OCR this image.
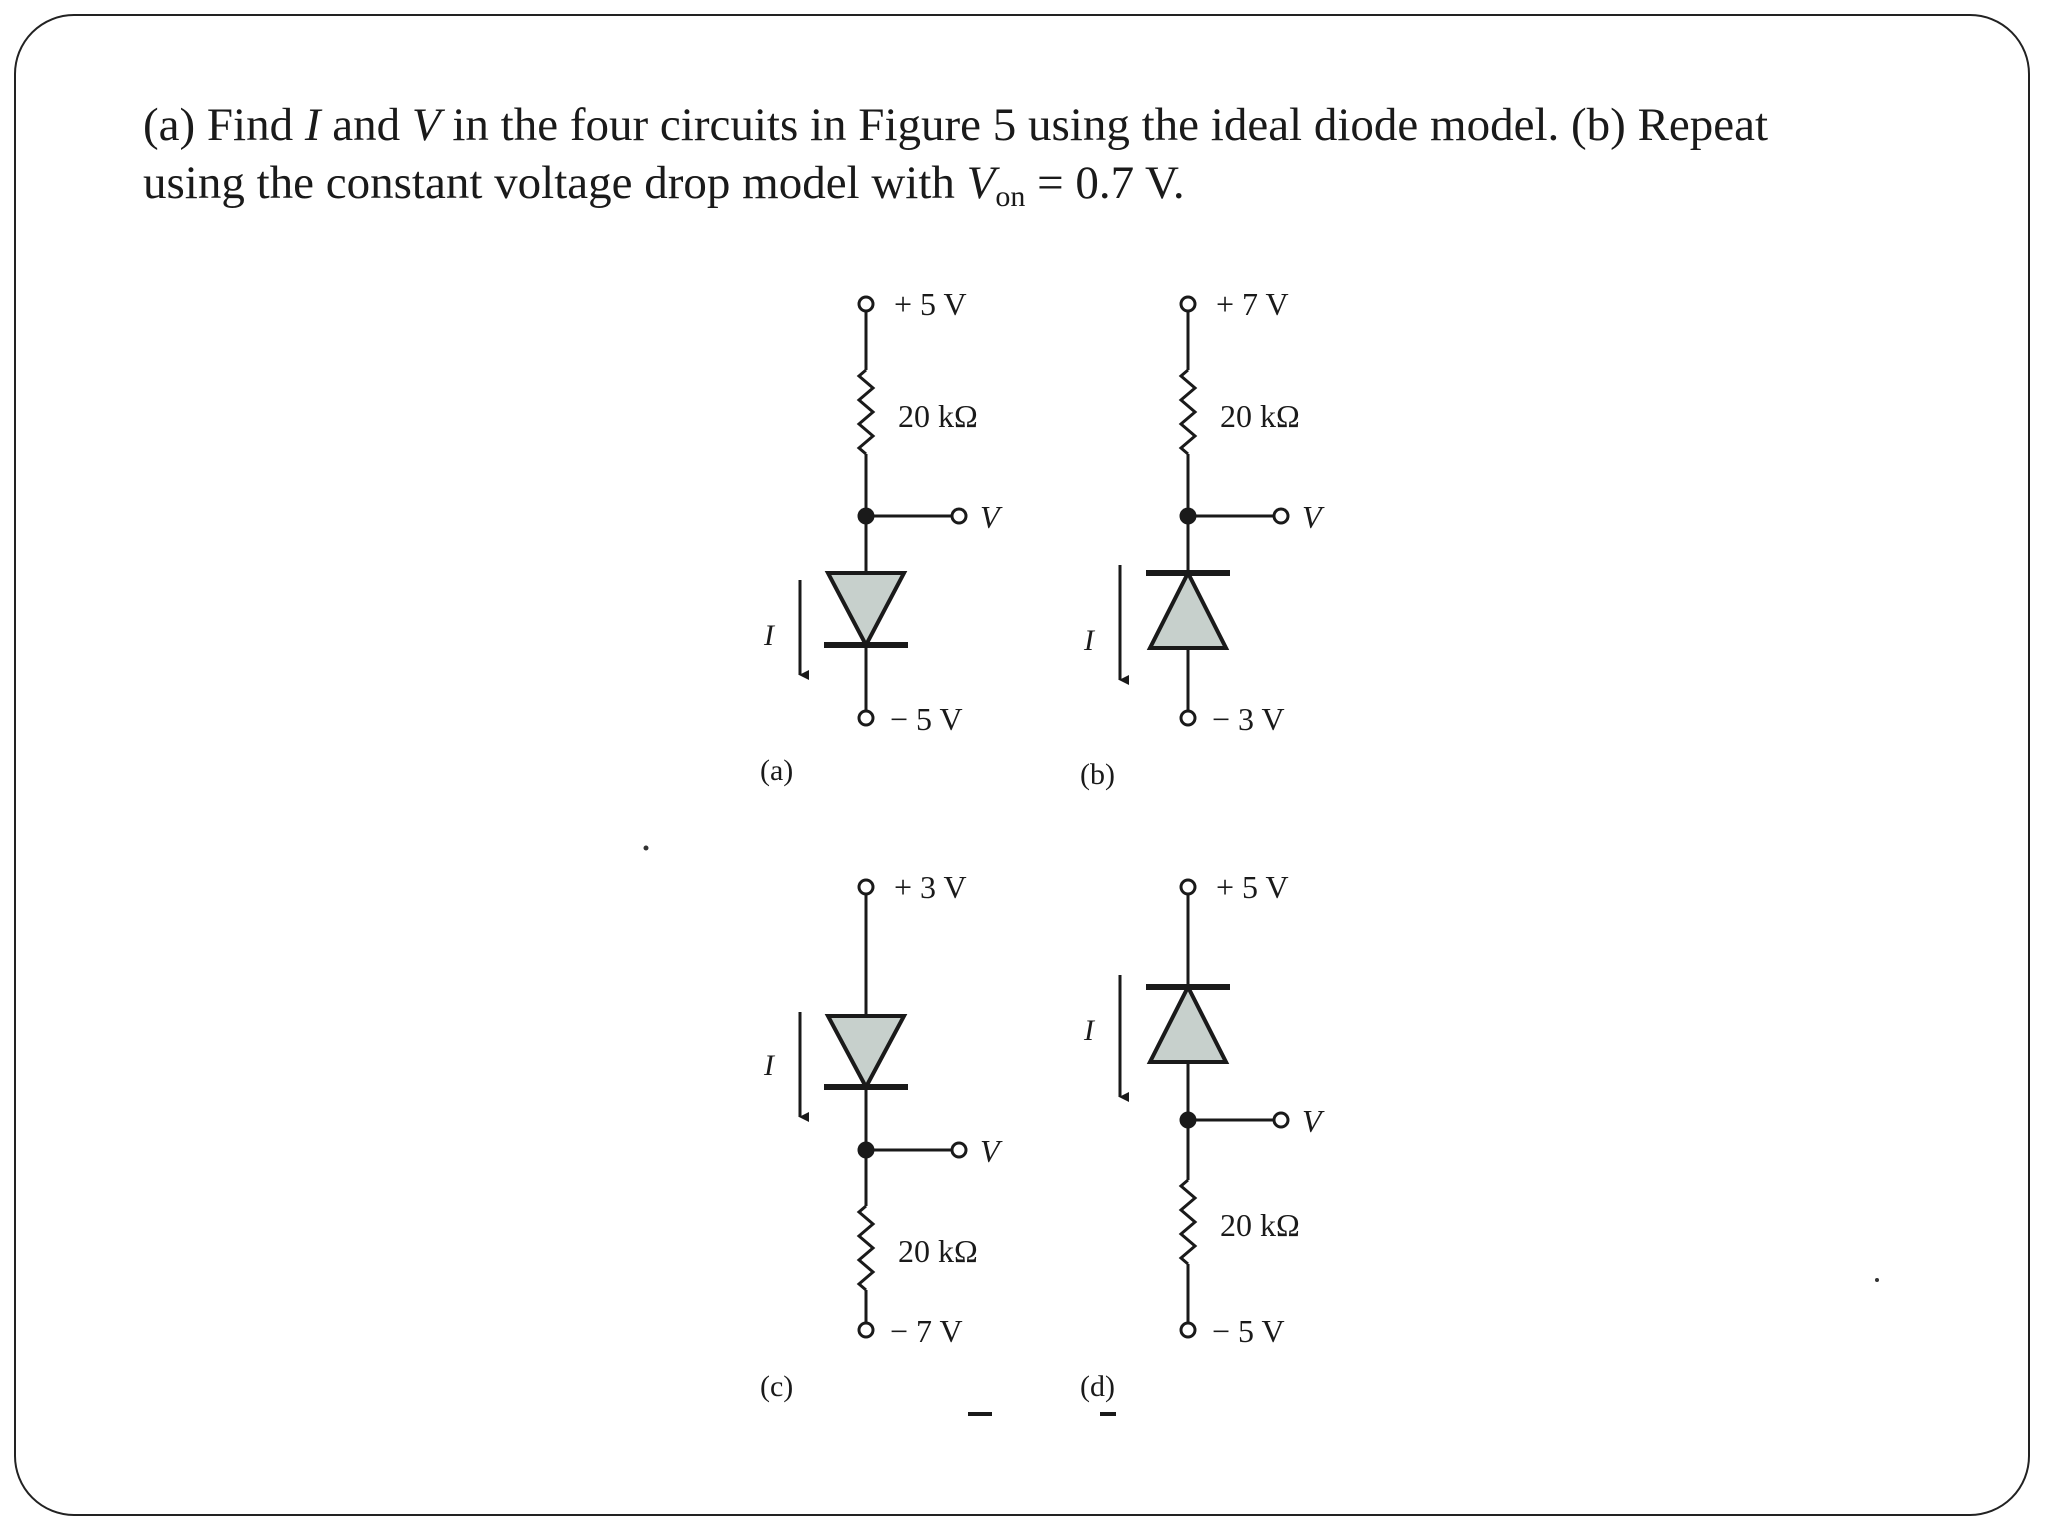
(a) Find I and V in the four circuits in Figure 5 using the ideal diode model. (b) Repeat
using the constant voltage drop model with $V_{on} = 0.7$ V.
+ 5 V
20 kΩ
V
I
− 5 V
(a)
+ 7 V
20 kΩ
V
I
− 3 V
(b)
+ 3 V
20 kΩ
V
I
− 7 V
(c)
+ 5 V
20 kΩ
V
I
− 5 V
(d)
